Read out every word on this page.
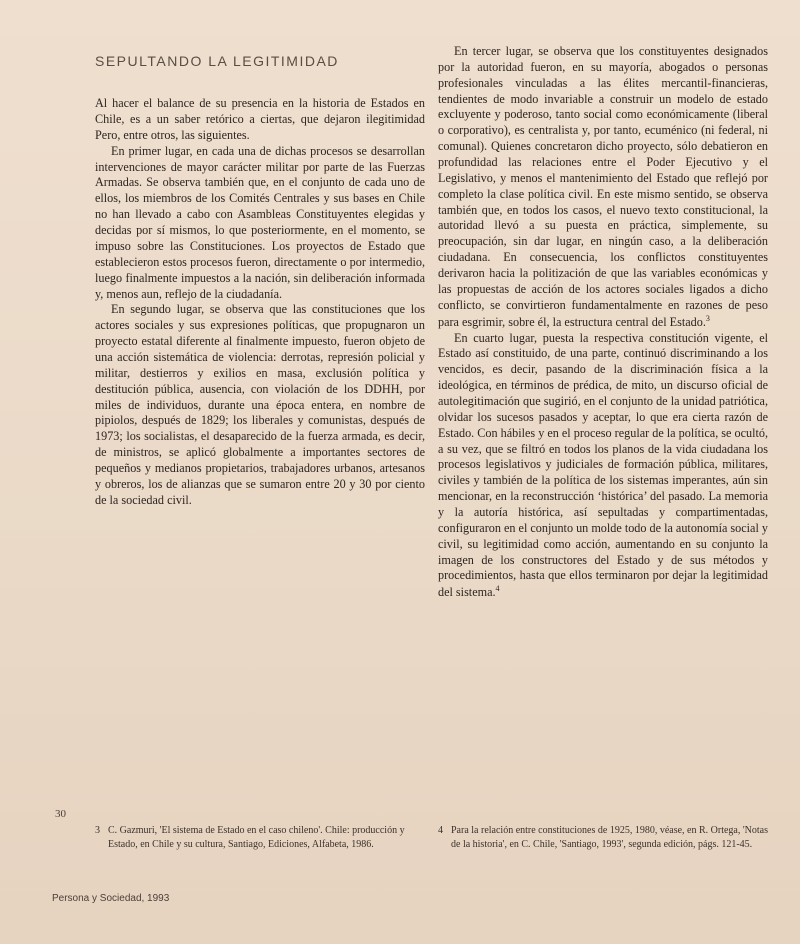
SEPULTANDO LA LEGITIMIDAD

Al hacer el balance de su presencia en la historia de Estados en Chile, es a un saber retórico a ciertas, que dejaron ilegitimidad Pero, entre otros, las siguientes.

En primer lugar, en cada una de dichas procesos se desarrollan intervenciones de mayor carácter militar por parte de las Fuerzas Armadas. Se observa también que, en el conjunto de cada uno de ellos, los miembros de los Comités Centrales y sus bases en Chile no han llevado a cabo con Asambleas Constituyentes elegidas y decidas por sí mismos, lo que posteriormente, en el momento, se impuso sobre las Constituciones. Los proyectos de Estado que establecieron estos procesos fueron, directamente o por intermedio, luego finalmente impuestos a la nación, sin deliberación informada y, menos aun, reflejo de la ciudadanía.

En segundo lugar, se observa que las constituciones que los actores sociales y sus expresiones políticas, que propugnaron un proyecto estatal diferente al finalmente impuesto, fueron objeto de una acción sistemática de violencia: derrotas, represión policial y militar, destierros y exilios en masa, exclusión política y destitución pública, ausencia, con violación de los DDHH, por miles de individuos, durante una época entera, en nombre de pipiolos, después de 1829; los liberales y comunistas, después de 1973; los socialistas, el desaparecido de la fuerza armada, es decir, de ministros, se aplicó globalmente a importantes sectores de pequeños y medianos propietarios, trabajadores urbanos, artesanos y obreros, los de alianzas que se sumaron entre 20 y 30 por ciento de la sociedad civil.

En tercer lugar, se observa que los constituyentes designados por la autoridad fueron, en su mayoría, abogados o personas profesionales vinculadas a las élites mercantil-financieras, tendientes de modo invariable a construir un modelo de estado excluyente y poderoso, tanto social como económicamente (liberal o corporativo), es centralista y, por tanto, ecuménico (ni federal, ni comunal). Quienes concretaron dicho proyecto, sólo debatieron en profundidad las relaciones entre el Poder Ejecutivo y el Legislativo, y menos el mantenimiento del Estado que reflejó por completo la clase política civil. En este mismo sentido, se observa también que, en todos los casos, el nuevo texto constitucional, la autoridad llevó a su puesta en práctica, simplemente, su preocupación, sin dar lugar, en ningún caso, a la deliberación ciudadana. En consecuencia, los conflictos constituyentes derivaron hacia la politización de que las variables económicas y las propuestas de acción de los actores sociales ligados a dicho conflicto, se convirtieron fundamentalmente en razones de peso para esgrimir, sobre él, la estructura central del Estado.$^3$

En cuarto lugar, puesta la respectiva constitución vigente, el Estado así constituido, de una parte, continuó discriminando a los vencidos, es decir, pasando de la discriminación física a la ideológica, en términos de prédica, de mito, un discurso oficial de autolegitimación que sugirió, en el conjunto de la unidad patriótica, olvidar los sucesos pasados y aceptar, lo que era cierta razón de Estado. Con hábiles y en el proceso regular de la política, se ocultó, a su vez, que se filtró en todos los planos de la vida ciudadana los procesos legislativos y judiciales de formación pública, militares, civiles y también de la política de los sistemas imperantes, aún sin mencionar, en la reconstrucción ‘histórica’ del pasado. La memoria y la autoría histórica, así sepultadas y compartimentadas, configuraron en el conjunto un molde todo de la autonomía social y civil, su legitimidad como acción, aumentando en su conjunto la imagen de los constructores del Estado y de sus métodos y procedimientos, hasta que ellos terminaron por dejar la legitimidad del sistema.$^4$

30
3 C. Gazmuri, 'El sistema de Estado en el caso chileno'. Chile: producción y Estado, en Chile y su cultura, Santiago, Ediciones, Alfabeta, 1986.
4 Para la relación entre constituciones de 1925, 1980, véase, en R. Ortega, 'Notas de la historia', en C. Chile, 'Santiago, 1993', segunda edición, págs. 121-45.
Persona y Sociedad, 1993
